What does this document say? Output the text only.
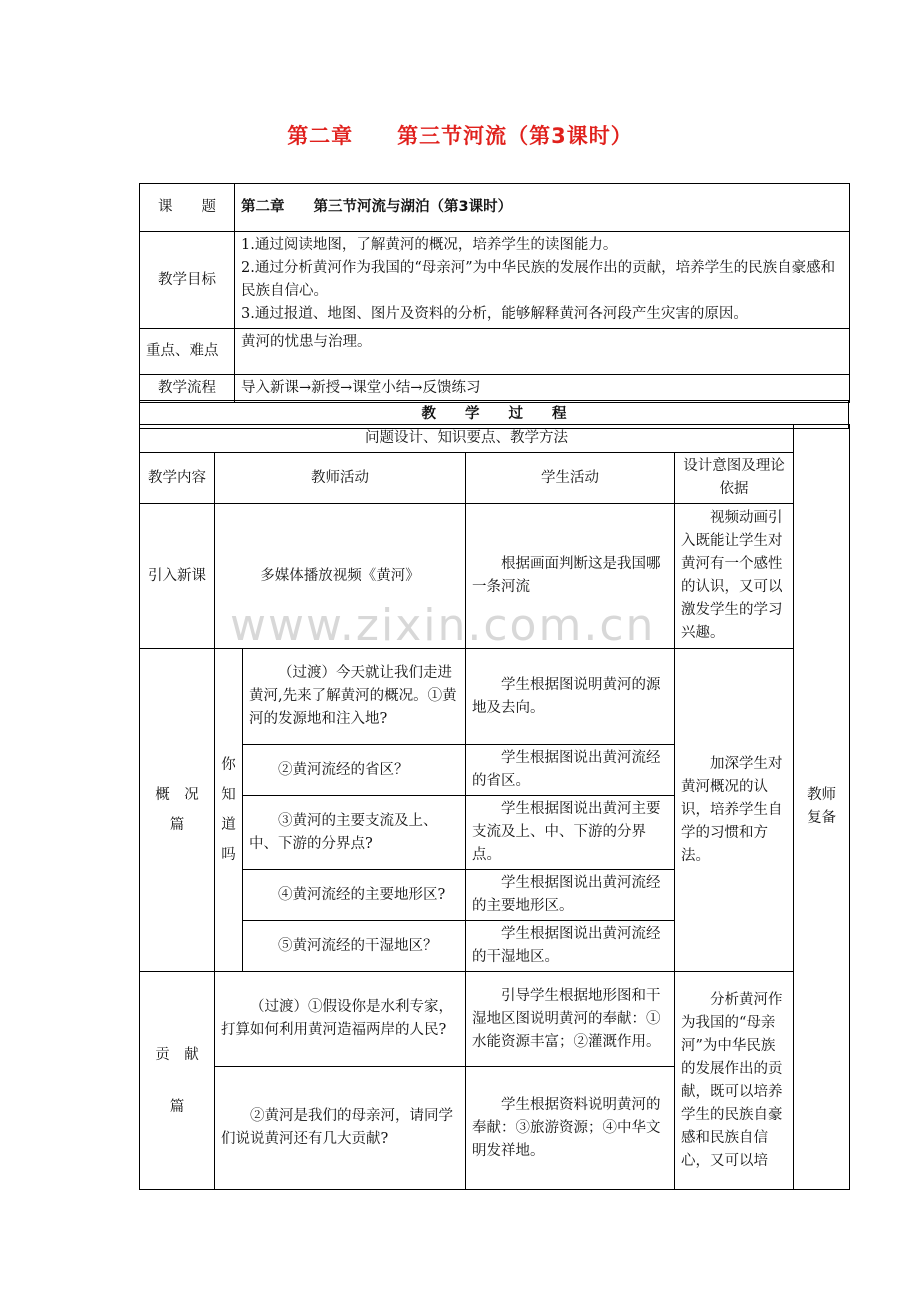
第二章　　第三节河流（第3课时）
www.zixin.com.cn
课　　题	第二章　　第三节河流与湖泊（第3课时）
教学目标	1.通过阅读地图，了解黄河的概况，培养学生的读图能力。
2.通过分析黄河作为我国的“母亲河”为中华民族的发展作出的贡献，培养学生的民族自豪感和民族自信心。
3.通过报道、地图、图片及资料的分析，能够解释黄河各河段产生灾害的原因。

重点、难点	黄河的忧患与治理。
教学流程	导入新课→新授→课堂小结→反馈练习
教　　学　　过　　程
问题设计、知识要点、教学方法					教师复备
教学内容	教师活动		学生活动	设计意图及理论依据	
引入新课	多媒体播放视频《黄河》		根据画面判断这是我国哪一条河流	视频动画引入既能让学生对黄河有一个感性的认识，又可以激发学生的学习兴趣。	
概　况　篇	你知道吗	（过渡）今天就让我们走进黄河,先来了解黄河的概况。①黄河的发源地和注入地?	学生根据图说明黄河的源地及去向。	加深学生对黄河概况的认识，培养学生自学的习惯和方法。	
		②黄河流经的省区？	学生根据图说出黄河流经的省区。		
		③黄河的主要支流及上、中、下游的分界点?	学生根据图说出黄河主要支流及上、中、下游的分界点。		
		④黄河流经的主要地形区?	学生根据图说出黄河流经的主要地形区。		
		⑤黄河流经的干湿地区？	学生根据图说出黄河流经的干湿地区。		
贡　献　篇	（过渡）①假设你是水利专家，打算如何利用黄河造福两岸的人民?		引导学生根据地形图和干湿地区图说明黄河的奉献：①水能资源丰富；②灌溉作用。	分析黄河作为我国的“母亲河”为中华民族的发展作出的贡献，既可以培养学生的民族自豪感和民族自信心，又可以培	
	②黄河是我们的母亲河，请同学们说说黄河还有几大贡献?		学生根据资料说明黄河的奉献：③旅游资源；④中华文明发祥地。		
